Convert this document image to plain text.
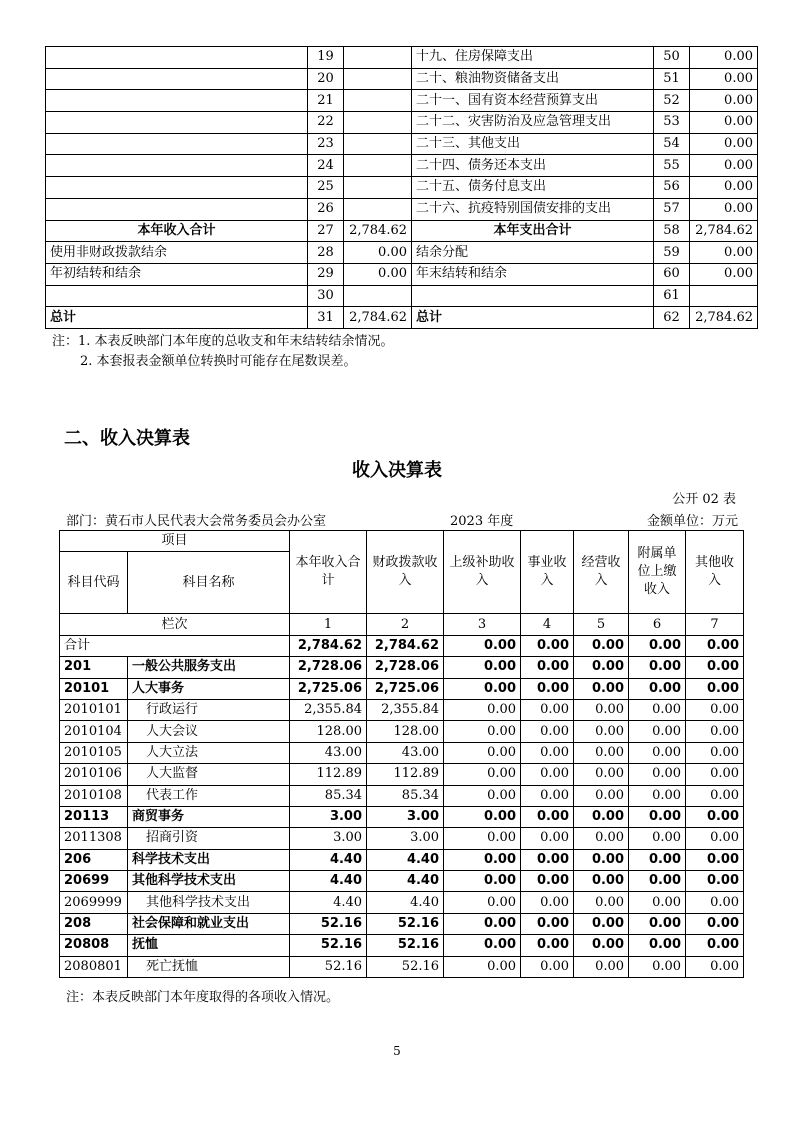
	19		十九、住房保障支出	50	0.00
	20		二十、粮油物资储备支出	51	0.00
	21		二十一、国有资本经营预算支出	52	0.00
	22		二十二、灾害防治及应急管理支出	53	0.00
	23		二十三、其他支出	54	0.00
	24		二十四、债务还本支出	55	0.00
	25		二十五、债务付息支出	56	0.00
	26		二十六、抗疫特别国债安排的支出	57	0.00
本年收入合计	27	2,784.62	本年支出合计	58	2,784.62
使用非财政拨款结余	28	0.00	结余分配	59	0.00
年初结转和结余	29	0.00	年末结转和结余	60	0.00
	30			61	
总计	31	2,784.62	总计	62	2,784.62
注：1. 本表反映部门本年度的总收支和年末结转结余情况。
2. 本套报表金额单位转换时可能存在尾数误差。
二、收入决算表
收入决算表
公开 02 表
部门：黄石市人民代表大会常务委员会办公室	2023 年度	金额单位：万元
项目		本年收入合计	财政拨款收入	上级补助收入	事业收入	经营收入	附属单位上缴收入	其他收入
科目代码	科目名称							
栏次		1	2	3	4	5	6	7
合计		2,784.62	2,784.62	0.00	0.00	0.00	0.00	0.00
201	一般公共服务支出	2,728.06	2,728.06	0.00	0.00	0.00	0.00	0.00
20101	人大事务	2,725.06	2,725.06	0.00	0.00	0.00	0.00	0.00
2010101	行政运行	2,355.84	2,355.84	0.00	0.00	0.00	0.00	0.00
2010104	人大会议	128.00	128.00	0.00	0.00	0.00	0.00	0.00
2010105	人大立法	43.00	43.00	0.00	0.00	0.00	0.00	0.00
2010106	人大监督	112.89	112.89	0.00	0.00	0.00	0.00	0.00
2010108	代表工作	85.34	85.34	0.00	0.00	0.00	0.00	0.00
20113	商贸事务	3.00	3.00	0.00	0.00	0.00	0.00	0.00
2011308	招商引资	3.00	3.00	0.00	0.00	0.00	0.00	0.00
206	科学技术支出	4.40	4.40	0.00	0.00	0.00	0.00	0.00
20699	其他科学技术支出	4.40	4.40	0.00	0.00	0.00	0.00	0.00
2069999	其他科学技术支出	4.40	4.40	0.00	0.00	0.00	0.00	0.00
208	社会保障和就业支出	52.16	52.16	0.00	0.00	0.00	0.00	0.00
20808	抚恤	52.16	52.16	0.00	0.00	0.00	0.00	0.00
2080801	死亡抚恤	52.16	52.16	0.00	0.00	0.00	0.00	0.00
注：本表反映部门本年度取得的各项收入情况。
5
